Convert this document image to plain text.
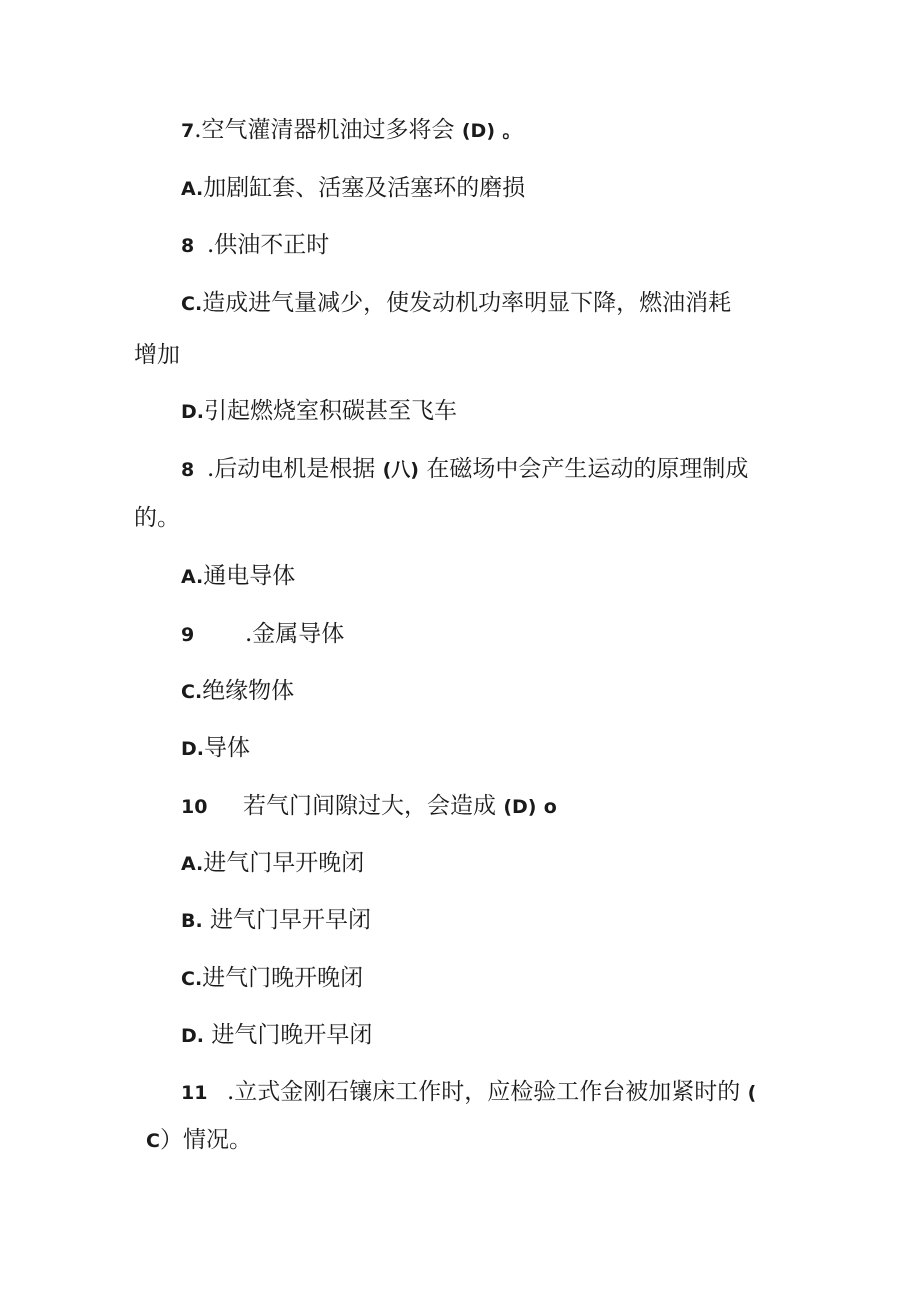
7.空气灌清器机油过多将会 (D) 。
A.加剧缸套、活塞及活塞环的磨损
8 .供油不正时
C.造成进气量减少，使发动机功率明显下降，燃油消耗
增加
D.引起燃烧室积碳甚至飞车
8 .后动电机是根据 (八) 在磁场中会产生运动的原理制成
的。
A.通电导体
9 .金属导体
C.绝缘物体
D.导体
10 若气门间隙过大，会造成 (D) o
A.进气门早开晚闭
B. 进气门早开早闭
C.进气门晚开晚闭
D. 进气门晚开早闭
11 .立式金刚石镶床工作时，应检验工作台被加紧时的 (
C）情况。
